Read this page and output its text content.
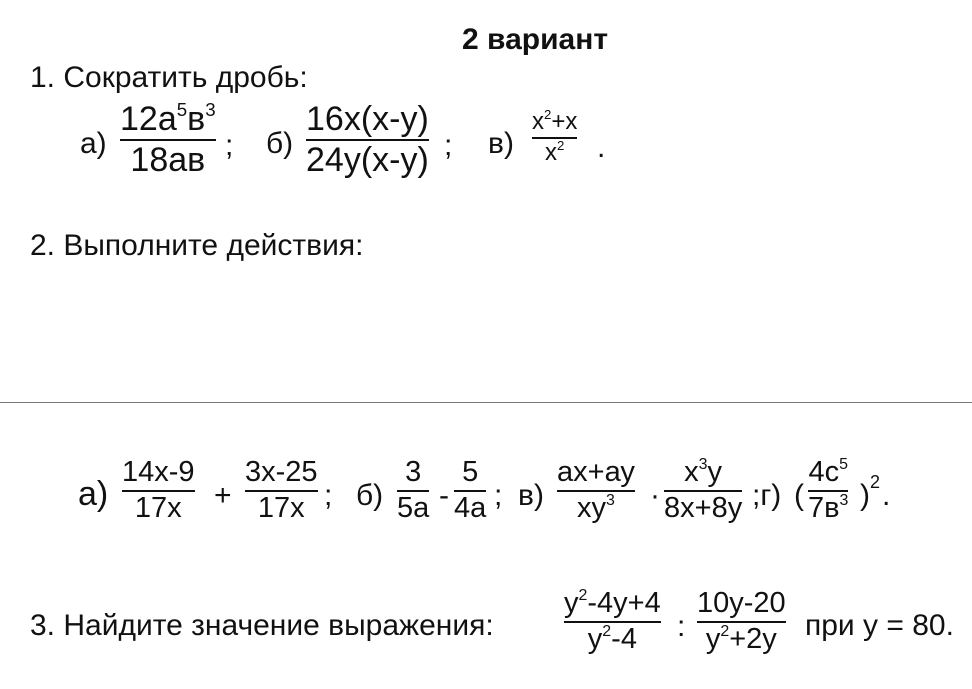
2 вариант
1. Сократить дробь:
а)
$12а^5в^3$
18ав ; б)
16х(х-у)
24у(х-у) ; в)
$х^2+х$
$х^2$ .
2. Выполните действия:
а)
14х-9
17х +
3х-25
17х ; б)
3
5а -
5
4а ; в)
ах+ау
$ху^3$ ·
$х^3у$
8х+8у ;г) (
$4с^5$
$7в^3$ ) 2 .
3. Найдите значение выражения:
$у^2-4у+4$
$у^2-4$ :
10у-20
$у^2+2у$ при у = 80.
